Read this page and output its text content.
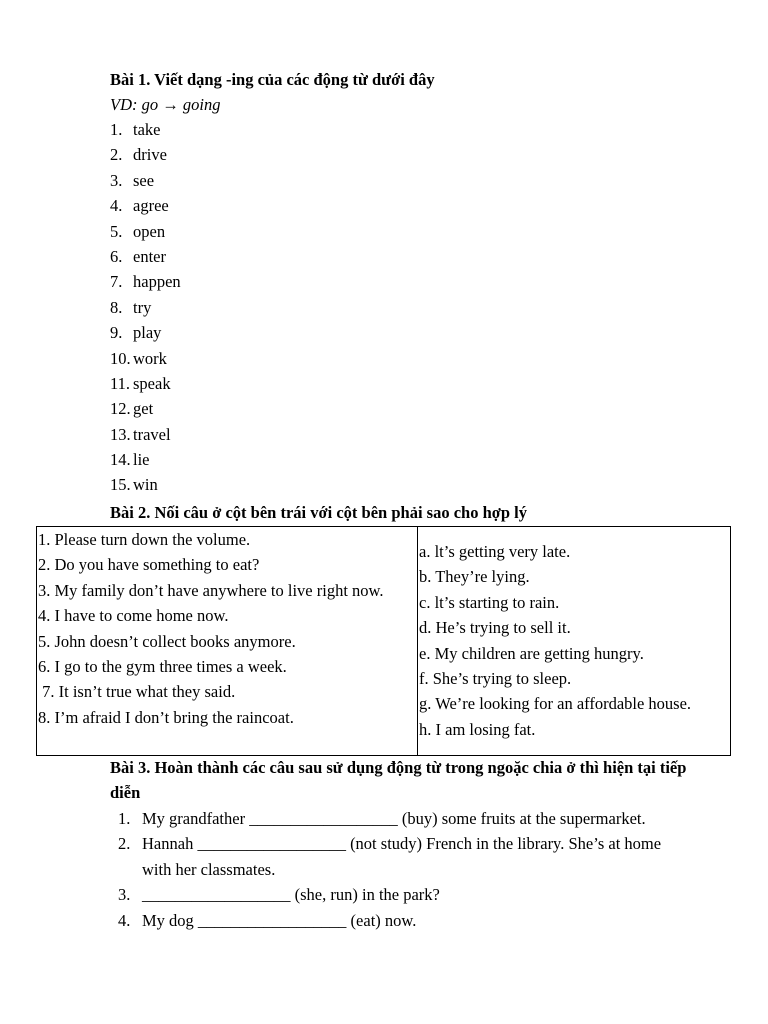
Bài 1. Viết dạng -ing của các động từ dưới đây
VD: go → going
1. take
2. drive
3. see
4. agree
5. open
6. enter
7. happen
8. try
9. play
10. work
11. speak
12. get
13. travel
14. lie
15. win
Bài 2. Nối câu ở cột bên trái với cột bên phải sao cho hợp lý
1. Please turn down the volume.
2. Do you have something to eat?
3. My family don’t have anywhere to live right now.
4. I have to come home now.
5. John doesn’t collect books anymore.
6. I go to the gym three times a week.
7. It isn’t true what they said.
8. I’m afraid I don’t bring the raincoat.

a. lt’s getting very late.
b. They’re lying.
c. lt’s starting to rain.
d. He’s trying to sell it.
e. My children are getting hungry.
f. She’s trying to sleep.
g. We’re looking for an affordable house.
h. I am losing fat.
Bài 3. Hoàn thành các câu sau sử dụng động từ trong ngoặc chia ở thì hiện tại tiếp diễn
1. My grandfather __________________ (buy) some fruits at the supermarket.
2. Hannah __________________ (not study) French in the library. She’s at home with her classmates.
3. __________________ (she, run) in the park?
4. My dog __________________ (eat) now.
